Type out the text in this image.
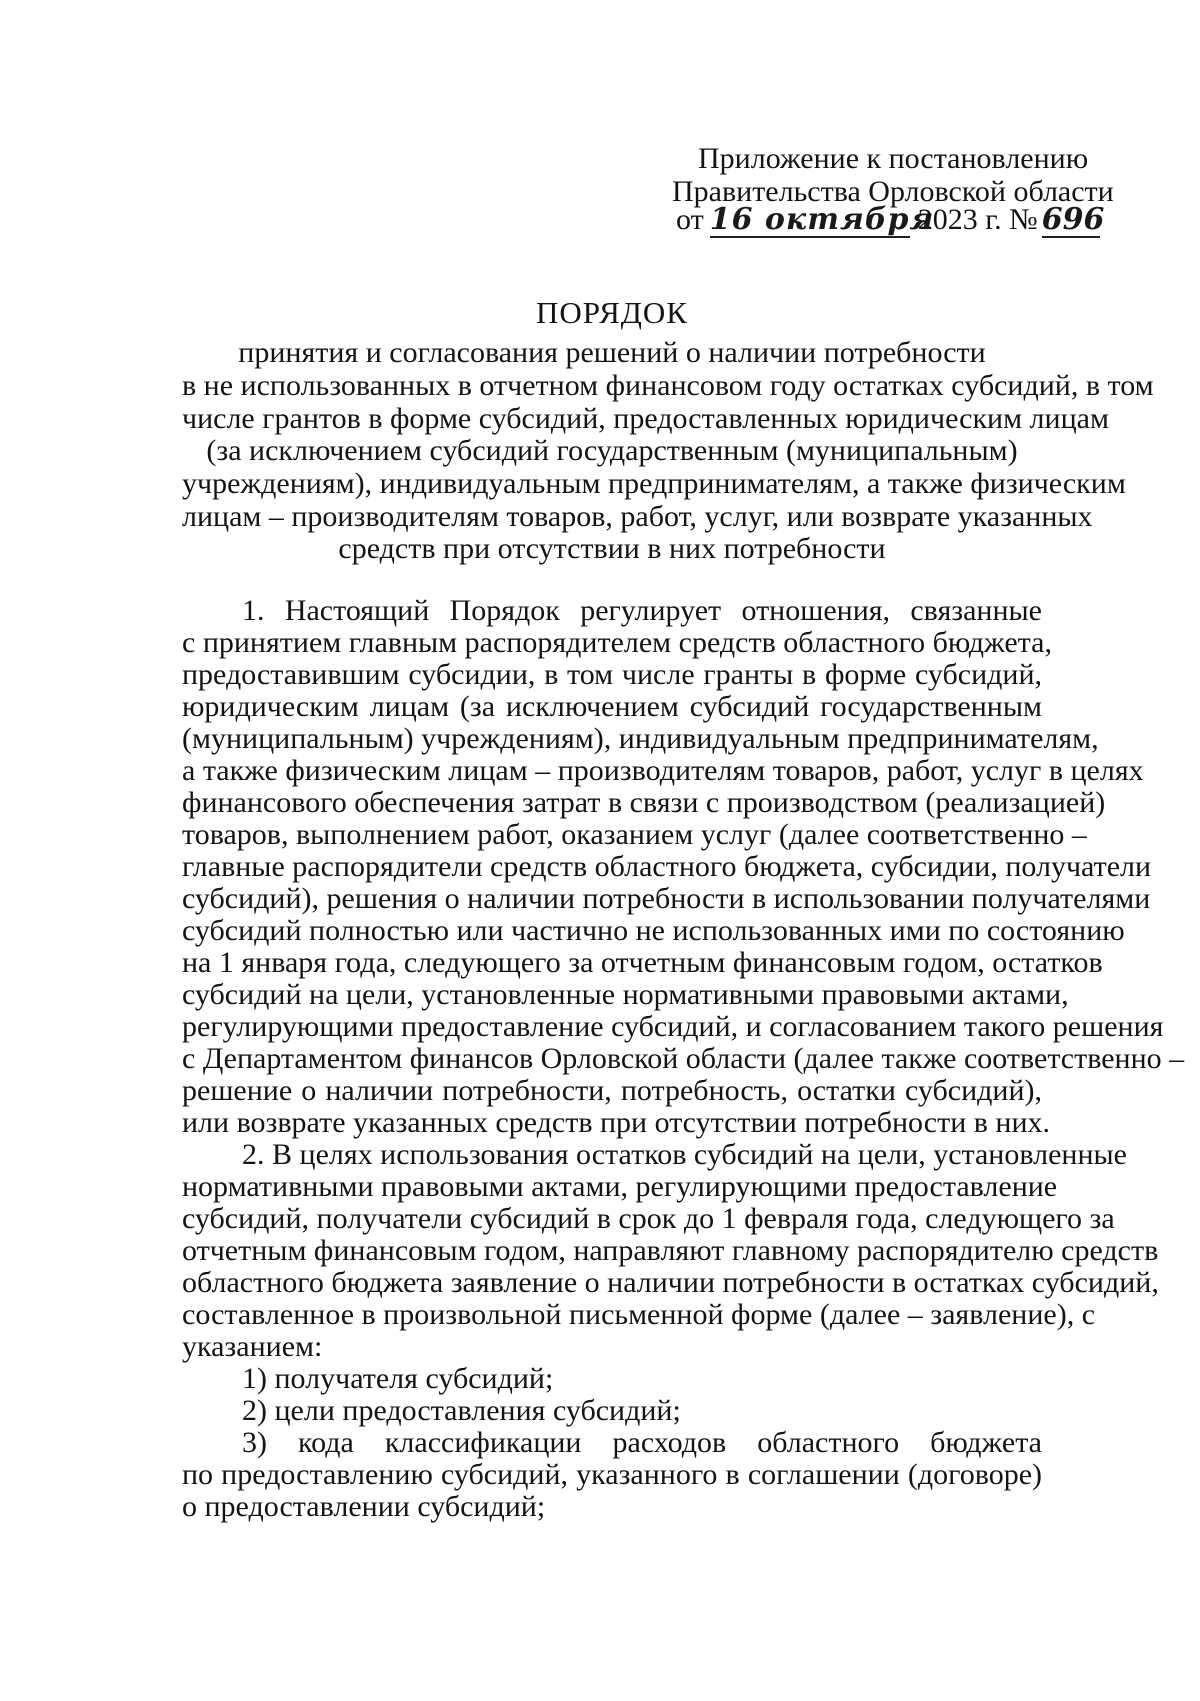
Приложение к постановлению
Правительства Орловской области
от 16 октября
2023 г. № 696
ПОРЯДОК
принятия и согласования решений о наличии потребности
в не использованных в отчетном финансовом году остатках субсидий, в том
числе грантов в форме субсидий, предоставленных юридическим лицам
(за исключением субсидий государственным (муниципальным)
учреждениям), индивидуальным предпринимателям, а также физическим
лицам – производителям товаров, работ, услуг, или возврате указанных
средств при отсутствии в них потребности
1. Настоящий Порядок регулирует отношения, связанные
с принятием главным распорядителем средств областного бюджета,
предоставившим субсидии, в том числе гранты в форме субсидий,
юридическим лицам (за исключением субсидий государственным
(муниципальным) учреждениям), индивидуальным предпринимателям,
а также физическим лицам – производителям товаров, работ, услуг в целях
финансового обеспечения затрат в связи с производством (реализацией)
товаров, выполнением работ, оказанием услуг (далее соответственно –
главные распорядители средств областного бюджета, субсидии, получатели
субсидий), решения о наличии потребности в использовании получателями
субсидий полностью или частично не использованных ими по состоянию
на 1 января года, следующего за отчетным финансовым годом, остатков
субсидий на цели, установленные нормативными правовыми актами,
регулирующими предоставление субсидий, и согласованием такого решения
с Департаментом финансов Орловской области (далее также соответственно –
решение о наличии потребности, потребность, остатки субсидий),
или возврате указанных средств при отсутствии потребности в них.
2. В целях использования остатков субсидий на цели, установленные
нормативными правовыми актами, регулирующими предоставление
субсидий, получатели субсидий в срок до 1 февраля года, следующего за
отчетным финансовым годом, направляют главному распорядителю средств
областного бюджета заявление о наличии потребности в остатках субсидий,
составленное в произвольной письменной форме (далее – заявление), с
указанием:
1) получателя субсидий;
2) цели предоставления субсидий;
3) кода классификации расходов областного бюджета
по предоставлению субсидий, указанного в соглашении (договоре)
о предоставлении субсидий;
